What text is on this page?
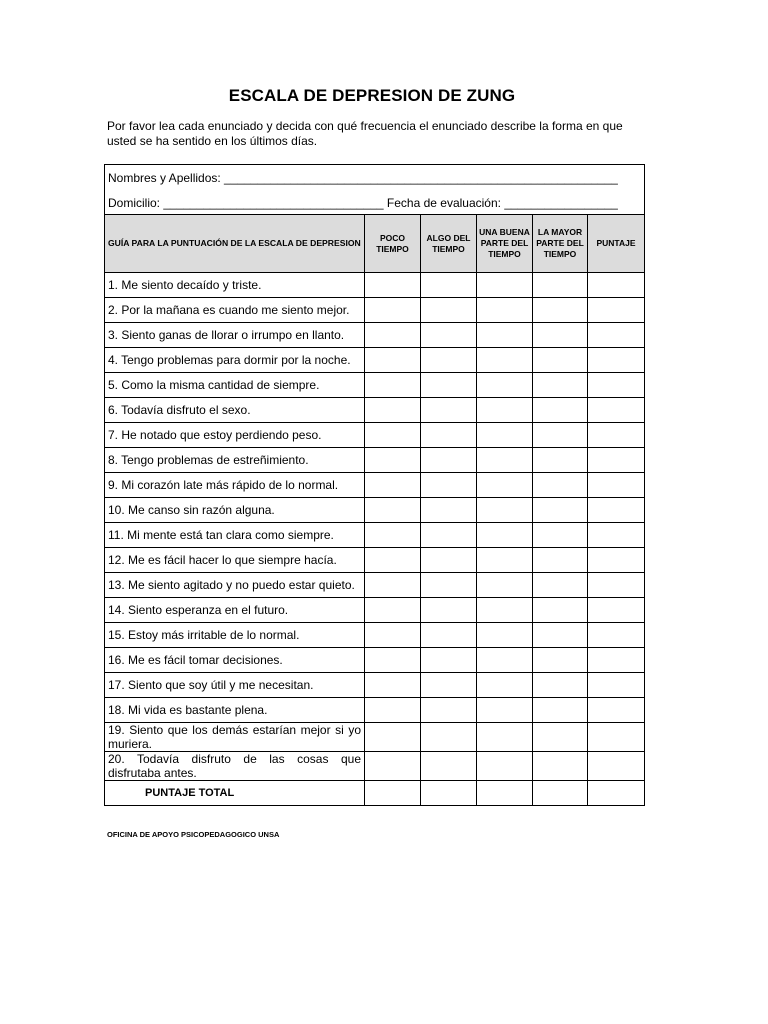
ESCALA DE DEPRESION DE ZUNG
Por favor lea cada enunciado y decida con qué frecuencia el enunciado describe la forma en que usted se ha sentido en los últimos días.
Nombres y Apellidos: ___________________________________________________________					
Domicilio: _________________________________ Fecha de evaluación: _________________					
GUÍA PARA LA PUNTUACIÓN DE LA ESCALA DE DEPRESION	POCO TIEMPO	ALGO DEL TIEMPO	UNA BUENA PARTE DEL TIEMPO	LA MAYOR PARTE DEL TIEMPO	PUNTAJE
1. Me siento decaído y triste.					
2. Por la mañana es cuando me siento mejor.					
3. Siento ganas de llorar o irrumpo en llanto.					
4. Tengo problemas para dormir por la noche.					
5. Como la misma cantidad de siempre.					
6. Todavía disfruto el sexo.					
7. He notado que estoy perdiendo peso.					
8. Tengo problemas de estreñimiento.					
9. Mi corazón late más rápido de lo normal.					
10. Me canso sin razón alguna.					
11. Mi mente está tan clara como siempre.					
12. Me es fácil hacer lo que siempre hacía.					
13. Me siento agitado y no puedo estar quieto.					
14. Siento esperanza en el futuro.					
15. Estoy más irritable de lo normal.					
16. Me es fácil tomar decisiones.					
17. Siento que soy útil y me necesitan.					
18. Mi vida es bastante plena.					
19. Siento que los demás estarían mejor si yo muriera.					
20. Todavía disfruto de las cosas que disfrutaba antes.					
PUNTAJE TOTAL					
OFICINA DE APOYO PSICOPEDAGOGICO UNSA
